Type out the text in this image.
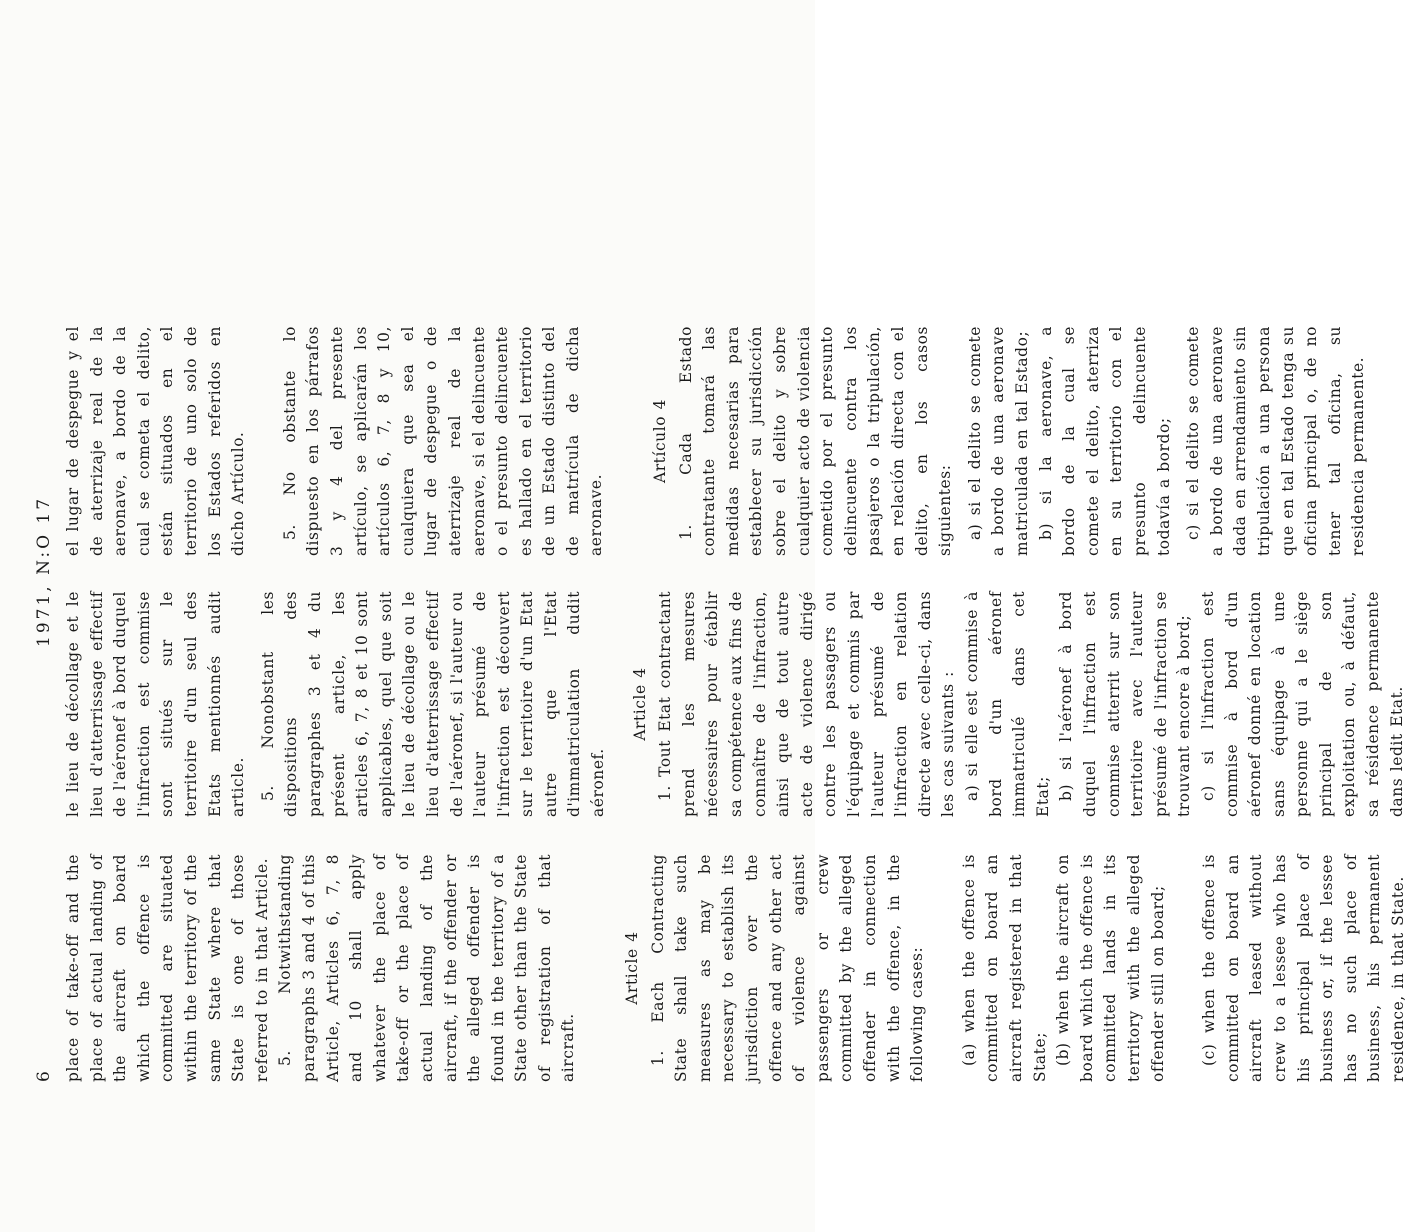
6
1971, N:O 17

place of take-off and the place of actual landing of the aircraft on board which the offence is committed are situated within the territory of the same State where that State is one of those referred to in that Article. 5. Notwithstanding paragraphs 3 and 4 of this Article, Articles 6, 7, 8 and 10 shall apply whatever the place of take-off or the place of actual landing of the aircraft, if the offender or the alleged offender is found in the territory of a State other than the State of registration of that aircraft.

Article 4 1. Each Contracting State shall take such measures as may be necessary to establish its jurisdiction over the offence and any other act of violence against passengers or crew committed by the alleged offender in connection with the offence, in the following cases: (a) when the offence is committed on board an aircraft registered in that State; (b) when the aircraft on board which the offence is committed lands in its territory with the alleged offender still on board; (c) when the offence is committed on board an aircraft leased without crew to a lessee who has his principal place of business or, if the lessee has no such place of business, his permanent residence, in that State.

le lieu de décollage et le lieu d'atterrissage effectif de l'aéronef à bord duquel l'infraction est commise sont situés sur le territoire d'un seul des Etats mentionnés audit article. 5. Nonobstant les dispositions des paragraphes 3 et 4 du présent article, les articles 6, 7, 8 et 10 sont applicables, quel que soit le lieu de décollage ou le lieu d'atterrissage effectif de l'aéronef, si l'auteur ou l'auteur présumé de l'infraction est découvert sur le territoire d'un Etat autre que l'Etat d'immatriculation dudit aéronef.

Article 4 1. Tout Etat contractant prend les mesures nécessaires pour établir sa compétence aux fins de connaître de l'infraction, ainsi que de tout autre acte de violence dirigé contre les passagers ou l'équipage et commis par l'auteur présumé de l'infraction en relation directe avec celle-ci, dans les cas suivants : a) si elle est commise à bord d'un aéronef immatriculé dans cet Etat; b) si l'aéronef à bord duquel l'infraction est commise atterrit sur son territoire avec l'auteur présumé de l'infraction se trouvant encore à bord; c) si l'infraction est commise à bord d'un aéronef donné en location sans équipage à une personne qui a le siège principal de son exploitation ou, à défaut, sa résidence permanente dans ledit Etat.

el lugar de despegue y el de aterrizaje real de la aeronave, a bordo de la cual se cometa el delito, están situados en el territorio de uno solo de los Estados referidos en dicho Artículo. 5. No obstante lo dispuesto en los párrafos 3 y 4 del presente artículo, se aplicarán los artículos 6, 7, 8 y 10, cualquiera que sea el lugar de despegue o de aterrizaje real de la aeronave, si el delincuente o el presunto delincuente es hallado en el territorio de un Estado distinto del de matrícula de dicha aeronave.

Artículo 4 1. Cada Estado contratante tomará las medidas necesarias para establecer su jurisdicción sobre el delito y sobre cualquier acto de violencia cometido por el presunto delincuente contra los pasajeros o la tripulación, en relación directa con el delito, en los casos siguientes: a) si el delito se comete a bordo de una aeronave matriculada en tal Estado; b) si la aeronave, a bordo de la cual se comete el delito, aterriza en su territorio con el presunto delincuente todavía a bordo; c) si el delito se comete a bordo de una aeronave dada en arrendamiento sin tripulación a una persona que en tal Estado tenga su oficina principal o, de no tener tal oficina, su residencia permanente.
